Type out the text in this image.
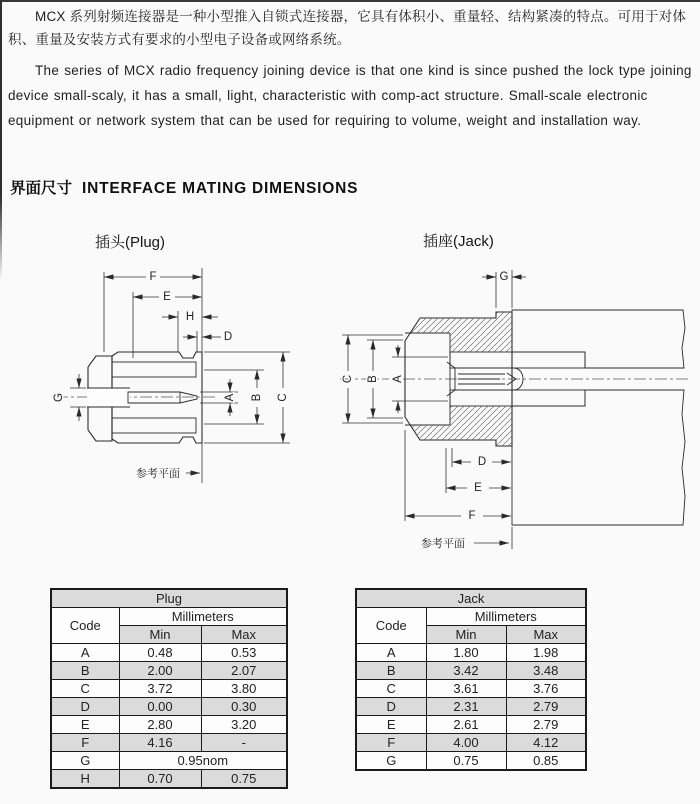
MCX 系列射频连接器是一种小型推入自锁式连接器，它具有体积小、重量轻、结构紧凑的特点。可用于对体积、重量及安装方式有要求的小型电子设备或网络系统。

The series of MCX radio frequency joining device is that one kind is since pushed the lock type joining device small-scaly, it has a small, light, characteristic with comp-act structure. Small-scale electronic equipment or network system that can be used for requiring to volume, weight and installation way.

界面尺寸 INTERFACE MATING DIMENSIONS
插头(Plug)	插座(Jack)
F
E
H
D
A B C
G
参考平面
G
C B A
D
E
F
参考平面
Plug		
Code	Millimeters	
	Min	Max
A	0.48	0.53
B	2.00	2.07
C	3.72	3.80
D	0.00	0.30
E	2.80	3.20
F	4.16	-
G	0.95nom	
H	0.70	0.75
Jack		
Code	Millimeters	
	Min	Max
A	1.80	1.98
B	3.42	3.48
C	3.61	3.76
D	2.31	2.79
E	2.61	2.79
F	4.00	4.12
G	0.75	0.85
